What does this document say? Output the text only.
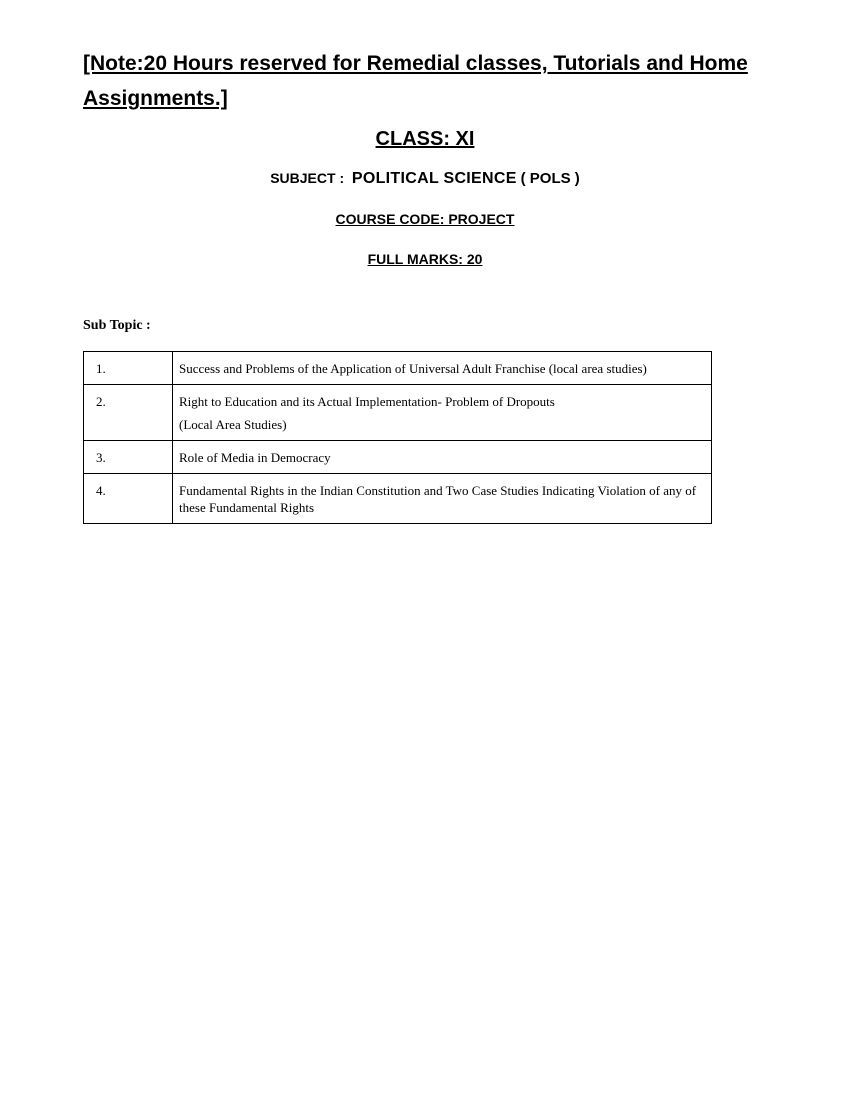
[Note:20 Hours reserved for Remedial classes, Tutorials and Home Assignments.]

CLASS: XI

SUBJECT : POLITICAL SCIENCE ( POLS )

COURSE CODE: PROJECT

FULL MARKS: 20

Sub Topic :

1.	Success and Problems of the Application of Universal Adult Franchise (local area studies)
2.	Right to Education and its Actual Implementation- Problem of Dropouts
(Local Area Studies)

3.	Role of Media in Democracy
4.	Fundamental Rights in the Indian Constitution and Two Case Studies Indicating Violation of any of these Fundamental Rights
